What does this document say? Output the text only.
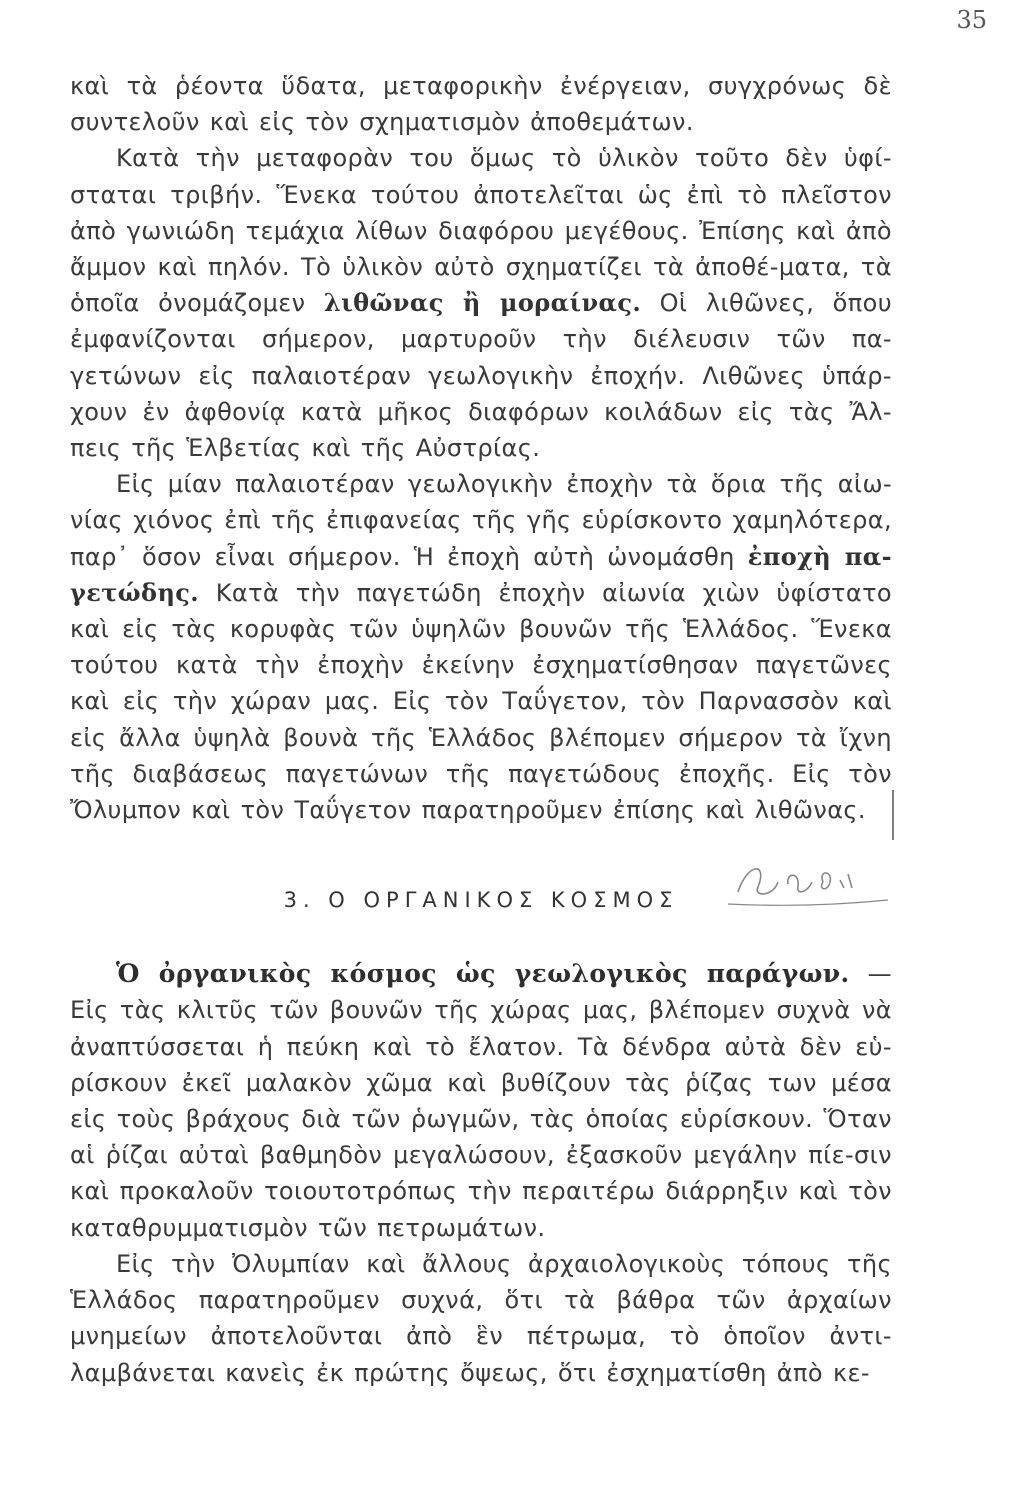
35

καὶ τὰ ῥέοντα ὕδατα, μεταφορικὴν ἐνέργειαν, συγχρόνως δὲ συντελοῦν καὶ εἰς τὸν σχηματισμὸν ἀποθεμάτων.

Κατὰ τὴν μεταφορὰν του ὅμως τὸ ὑλικὸν τοῦτο δὲν ὑφί-σταται τριβήν. Ἕνεκα τούτου ἀποτελεῖται ὡς ἐπὶ τὸ πλεῖστον ἀπὸ γωνιώδη τεμάχια λίθων διαφόρου μεγέθους. Ἐπίσης καὶ ἀπὸ ἄμμον καὶ πηλόν. Τὸ ὑλικὸν αὐτὸ σχηματίζει τὰ ἀποθέ-ματα, τὰ ὁποῖα ὀνομάζομεν λιθῶνας ἢ μοραίνας. Οἱ λιθῶνες, ὅπου ἐμφανίζονται σήμερον, μαρτυροῦν τὴν διέλευσιν τῶν πα-γετώνων εἰς παλαιοτέραν γεωλογικὴν ἐποχήν. Λιθῶνες ὑπάρ-χουν ἐν ἀφθονίᾳ κατὰ μῆκος διαφόρων κοιλάδων εἰς τὰς Ἄλ-πεις τῆς Ἑλβετίας καὶ τῆς Αὐστρίας.

Εἰς μίαν παλαιοτέραν γεωλογικὴν ἐποχὴν τὰ ὅρια τῆς αἰω-νίας χιόνος ἐπὶ τῆς ἐπιφανείας τῆς γῆς εὑρίσκοντο χαμηλότερα, παρ᾽ ὅσον εἶναι σήμερον. Ἡ ἐποχὴ αὐτὴ ὠνομάσθη ἐποχὴ πα-γετώδης. Κατὰ τὴν παγετώδη ἐποχὴν αἰωνία χιὼν ὑφίστατο καὶ εἰς τὰς κορυφὰς τῶν ὑψηλῶν βουνῶν τῆς Ἑλλάδος. Ἕνεκα τούτου κατὰ τὴν ἐποχὴν ἐκείνην ἐσχηματίσθησαν παγετῶνες καὶ εἰς τὴν χώραν μας. Εἰς τὸν Ταΰγετον, τὸν Παρνασσὸν καὶ εἰς ἄλλα ὑψηλὰ βουνὰ τῆς Ἑλλάδος βλέπομεν σήμερον τὰ ἴχνη τῆς διαβάσεως παγετώνων τῆς παγετώδους ἐποχῆς. Εἰς τὸν Ὄλυμπον καὶ τὸν Ταΰγετον παρατηροῦμεν ἐπίσης καὶ λιθῶνας.

3. Ο ΟΡΓΑΝΙΚΟΣ ΚΟΣΜΟΣ

Ὁ ὀργανικὸς κόσμος ὡς γεωλογικὸς παράγων. — Εἰς τὰς κλιτῦς τῶν βουνῶν τῆς χώρας μας, βλέπομεν συχνὰ νὰ ἀναπτύσσεται ἡ πεύκη καὶ τὸ ἔλατον. Τὰ δένδρα αὐτὰ δὲν εὑ-ρίσκουν ἐκεῖ μαλακὸν χῶμα καὶ βυθίζουν τὰς ῥίζας των μέσα εἰς τοὺς βράχους διὰ τῶν ῥωγμῶν, τὰς ὁποίας εὑρίσκουν. Ὅταν αἱ ῥίζαι αὐταὶ βαθμηδὸν μεγαλώσουν, ἐξασκοῦν μεγάλην πίε-σιν καὶ προκαλοῦν τοιουτοτρόπως τὴν περαιτέρω διάρρηξιν καὶ τὸν καταθρυμματισμὸν τῶν πετρωμάτων.

Εἰς τὴν Ὀλυμπίαν καὶ ἄλλους ἀρχαιολογικοὺς τόπους τῆς Ἑλλάδος παρατηροῦμεν συχνά, ὅτι τὰ βάθρα τῶν ἀρχαίων μνημείων ἀποτελοῦνται ἀπὸ ἓν πέτρωμα, τὸ ὁποῖον ἀντι-λαμβάνεται κανεὶς ἐκ πρώτης ὄψεως, ὅτι ἐσχηματίσθη ἀπὸ κε-
